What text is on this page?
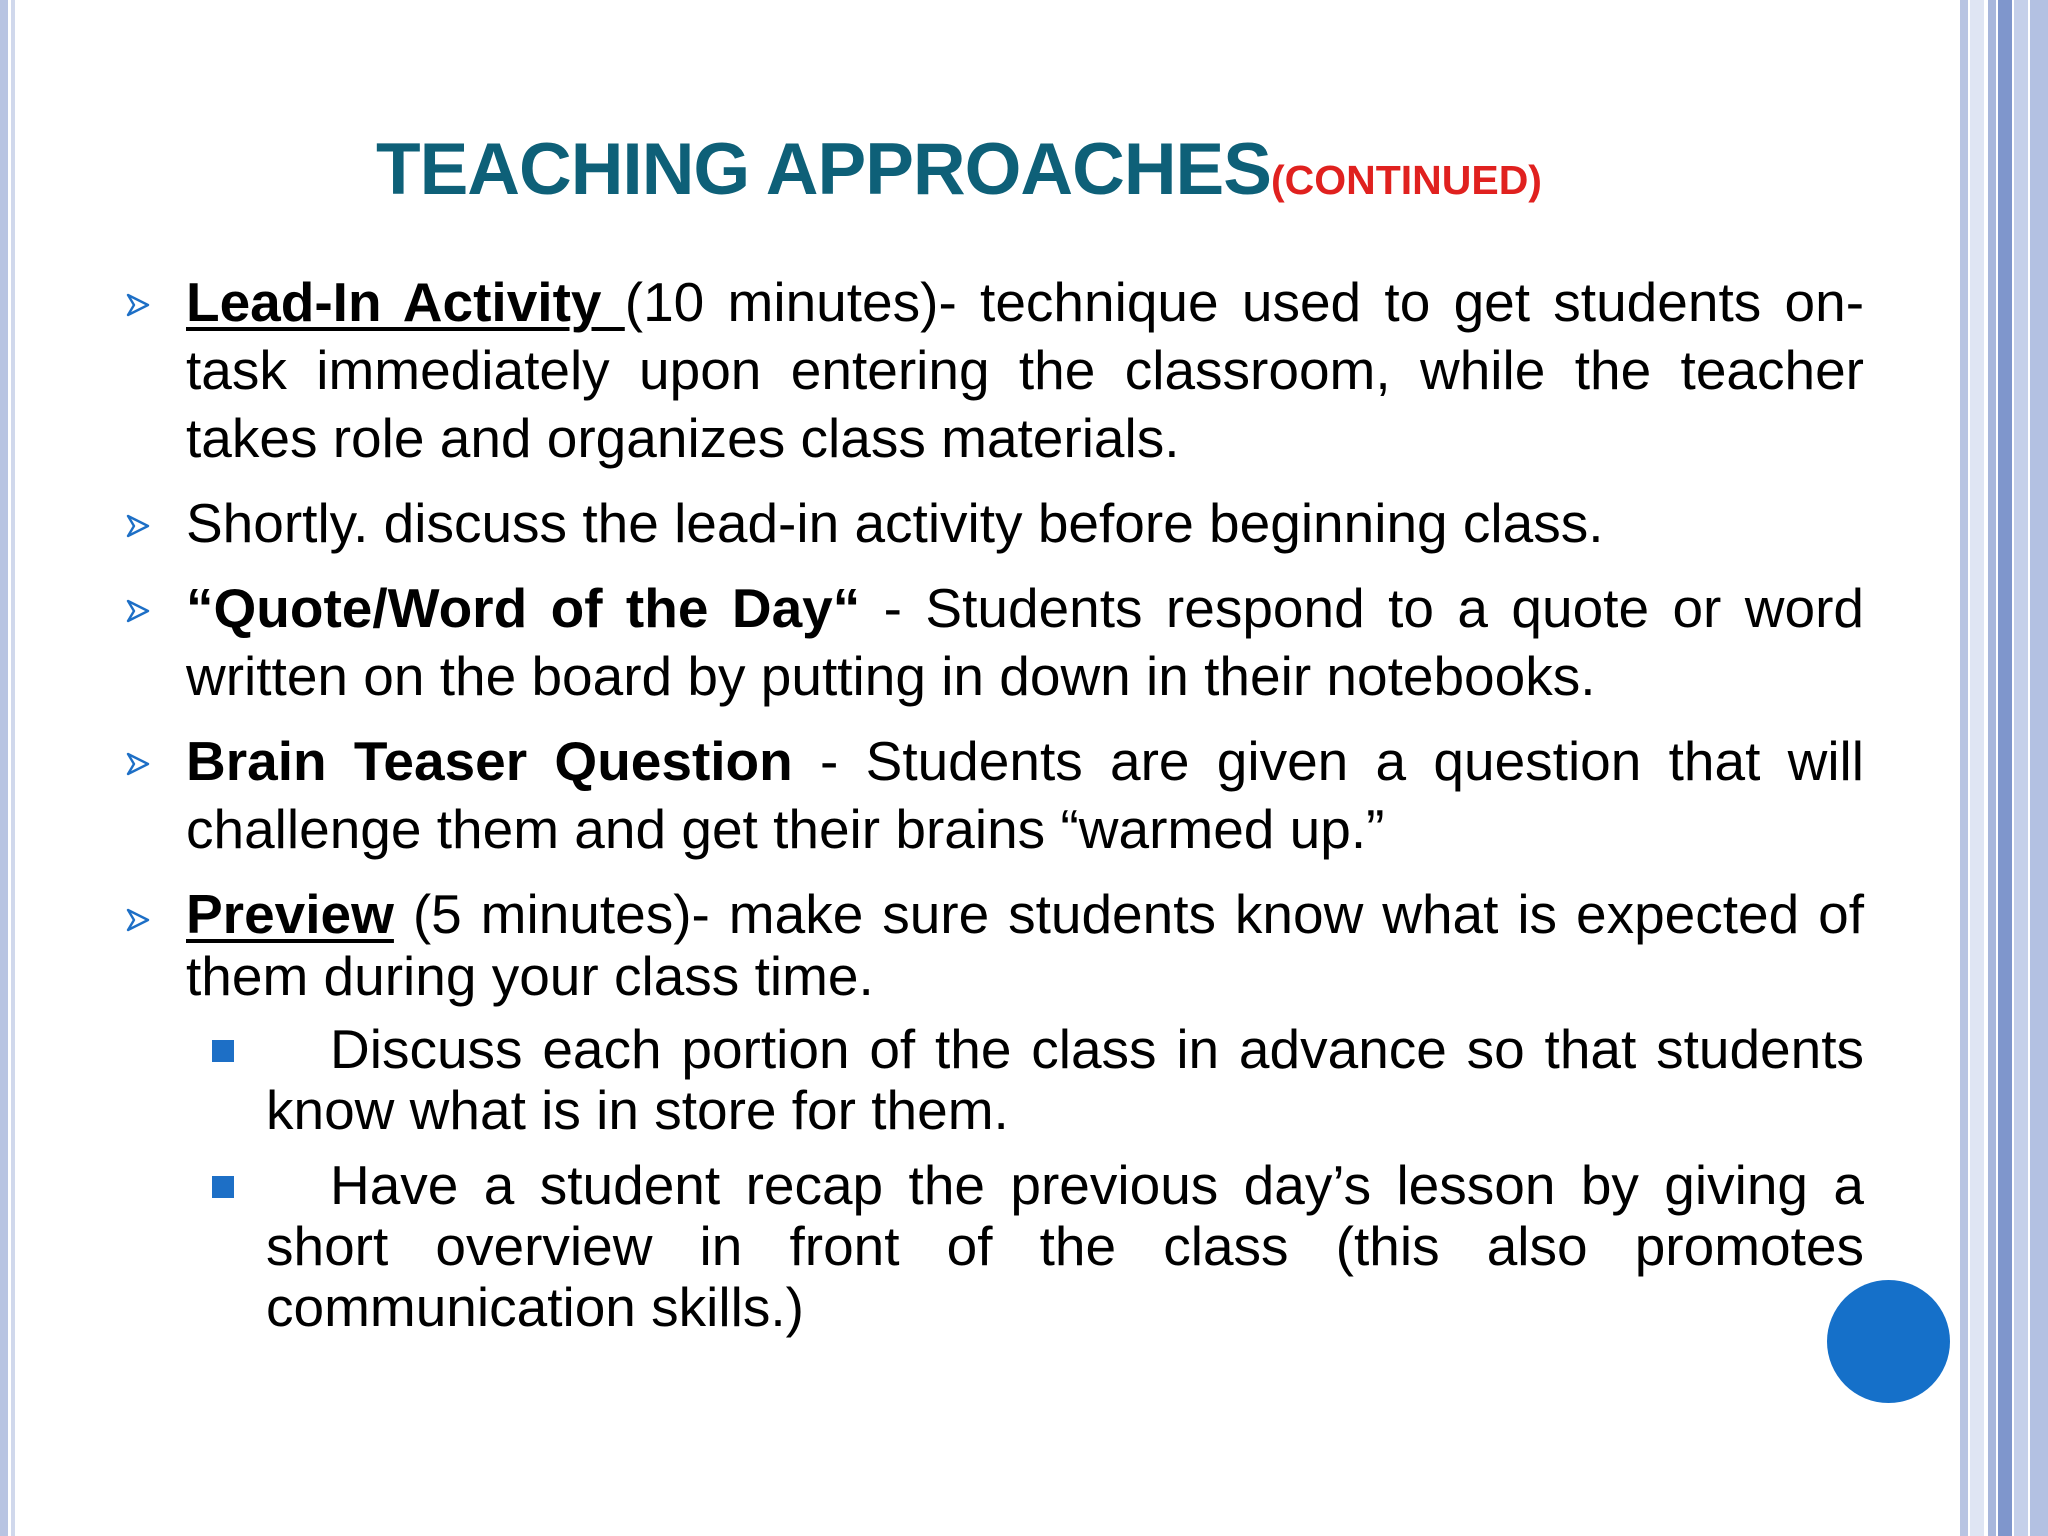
TEACHING APPROACHES(CONTINUED)
Lead-In Activity (10 minutes)- technique used to get students on-task immediately upon entering the classroom, while the teacher takes role and organizes class materials.
Shortly. discuss the lead-in activity before beginning class.
“Quote/Word of the Day“ - Students respond to a quote or word written on the board by putting in down in their notebooks.
Brain Teaser Question - Students are given a question that will challenge them and get their brains “warmed up.”
Preview (5 minutes)- make sure students know what is expected of them during your class time.
Discuss each portion of the class in advance so that students know what is in store for them.
Have a student recap the previous day’s lesson by giving a short overview in front of the class (this also promotes communication skills.)
